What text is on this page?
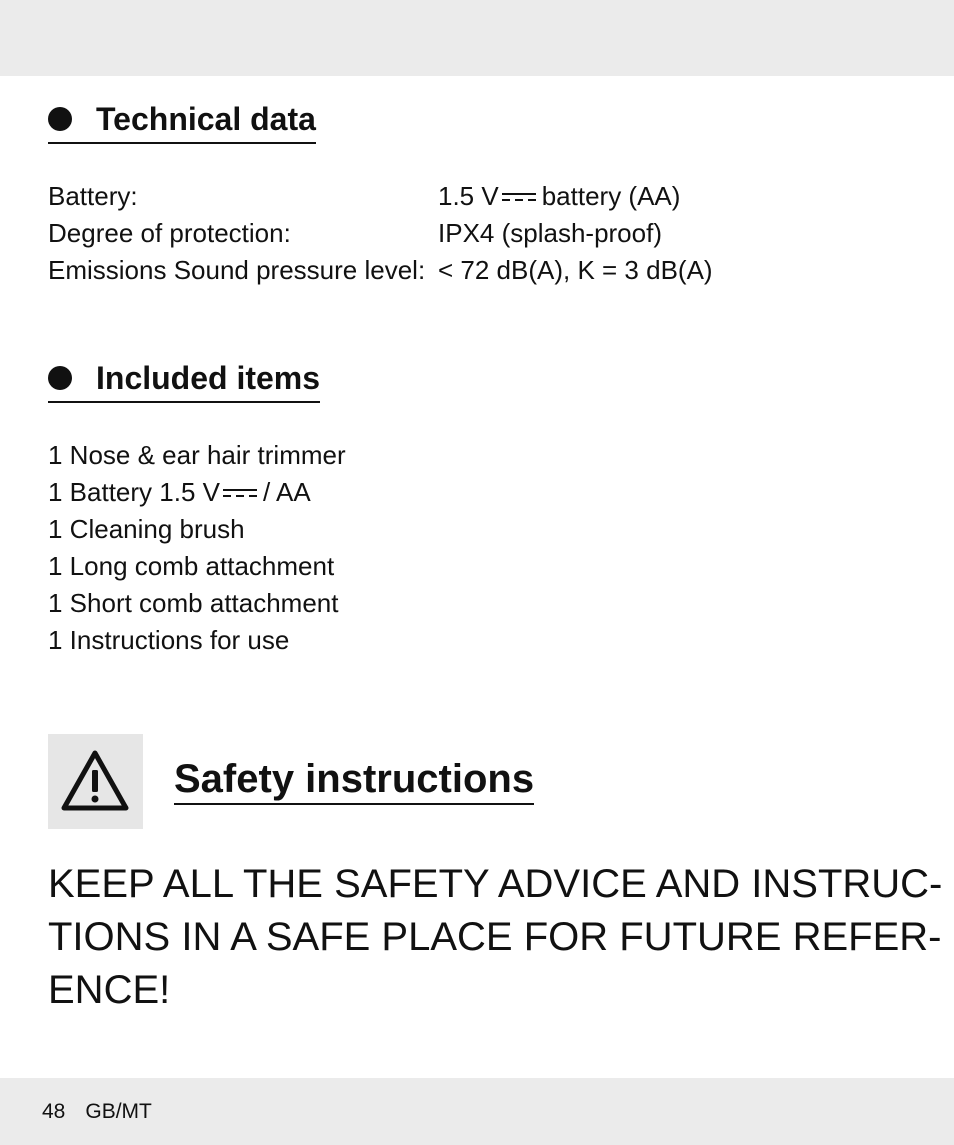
Technical data
Battery:	1.5 V battery (AA)
Degree of protection:	IPX4 (splash-proof)
Emissions Sound pressure level: < 72 dB(A), K = 3 dB(A)
Included items
1 Nose & ear hair trimmer
1 Battery 1.5 V / AA
1 Cleaning brush
1 Long comb attachment
1 Short comb attachment
1 Instructions for use
Safety instructions
KEEP ALL THE SAFETY ADVICE AND INSTRUC-
TIONS IN A SAFE PLACE FOR FUTURE REFER-
ENCE!
48 GB/MT
